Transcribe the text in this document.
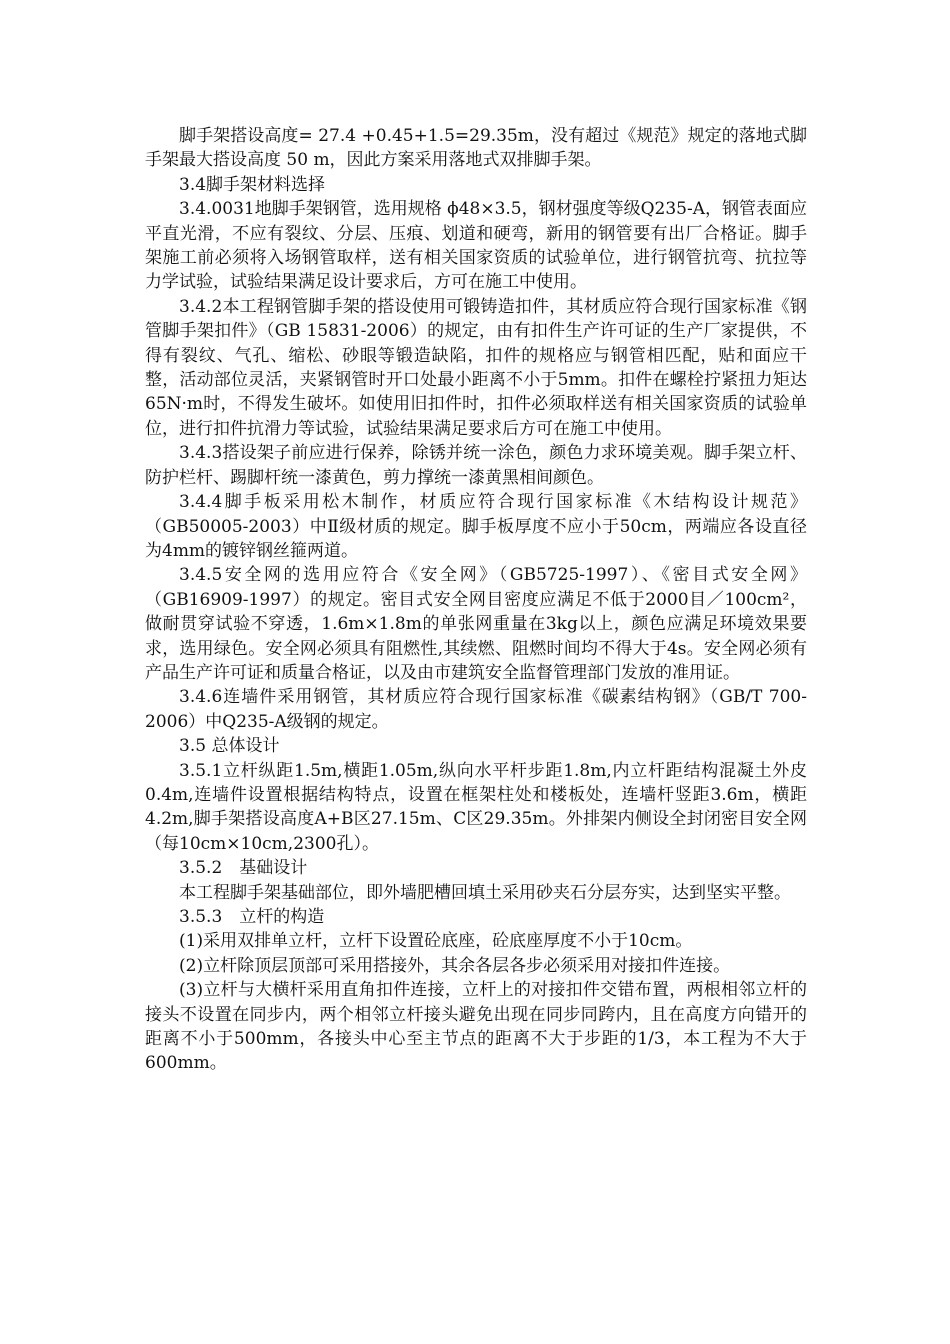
脚手架搭设高度= 27.4 +0.45+1.5=29.35m，没有超过《规范》规定的落地式脚手架最大搭设高度 50 m，因此方案采用落地式双排脚手架。

3.4脚手架材料选择

3.4.0031地脚手架钢管，选用规格 ϕ48×3.5，钢材强度等级Q235-A，钢管表面应平直光滑，不应有裂纹、分层、压痕、划道和硬弯，新用的钢管要有出厂合格证。脚手架施工前必须将入场钢管取样，送有相关国家资质的试验单位，进行钢管抗弯、抗拉等力学试验，试验结果满足设计要求后，方可在施工中使用。

3.4.2本工程钢管脚手架的搭设使用可锻铸造扣件，其材质应符合现行国家标准《钢管脚手架扣件》（GB 15831-2006）的规定，由有扣件生产许可证的生产厂家提供，不得有裂纹、气孔、缩松、砂眼等锻造缺陷，扣件的规格应与钢管相匹配，贴和面应干整，活动部位灵活，夹紧钢管时开口处最小距离不小于5mm。扣件在螺栓拧紧扭力矩达65N·m时，不得发生破坏。如使用旧扣件时，扣件必须取样送有相关国家资质的试验单位，进行扣件抗滑力等试验，试验结果满足要求后方可在施工中使用。

3.4.3搭设架子前应进行保养，除锈并统一涂色，颜色力求环境美观。脚手架立杆、防护栏杆、踢脚杆统一漆黄色，剪力撑统一漆黄黑相间颜色。

3.4.4脚手板采用松木制作，材质应符合现行国家标准《木结构设计规范》（GB50005-2003）中Ⅱ级材质的规定。脚手板厚度不应小于50cm，两端应各设直径为4mm的镀锌钢丝箍两道。

3.4.5安全网的选用应符合《安全网》（GB5725-1997）、《密目式安全网》（GB16909-1997）的规定。密目式安全网目密度应满足不低于2000目／100cm²，做耐贯穿试验不穿透，1.6m×1.8m的单张网重量在3kg以上，颜色应满足环境效果要求，选用绿色。安全网必须具有阻燃性,其续燃、阻燃时间均不得大于4s。安全网必须有产品生产许可证和质量合格证，以及由市建筑安全监督管理部门发放的准用证。

3.4.6连墙件采用钢管，其材质应符合现行国家标准《碳素结构钢》（GB/T 700-2006）中Q235-A级钢的规定。

3.5 总体设计

3.5.1立杆纵距1.5m,横距1.05m,纵向水平杆步距1.8m,内立杆距结构混凝土外皮0.4m,连墙件设置根据结构特点，设置在框架柱处和楼板处，连墙杆竖距3.6m，横距4.2m,脚手架搭设高度A+B区27.15m、C区29.35m。外排架内侧设全封闭密目安全网（每10cm×10cm,2300孔）。

3.5.2　基础设计

本工程脚手架基础部位，即外墙肥槽回填土采用砂夹石分层夯实，达到坚实平整。

3.5.3　立杆的构造

(1)采用双排单立杆，立杆下设置砼底座，砼底座厚度不小于10cm。

(2)立杆除顶层顶部可采用搭接外，其余各层各步必须采用对接扣件连接。

(3)立杆与大横杆采用直角扣件连接，立杆上的对接扣件交错布置，两根相邻立杆的接头不设置在同步内，两个相邻立杆接头避免出现在同步同跨内，且在高度方向错开的距离不小于500mm，各接头中心至主节点的距离不大于步距的1/3，本工程为不大于600mm。
